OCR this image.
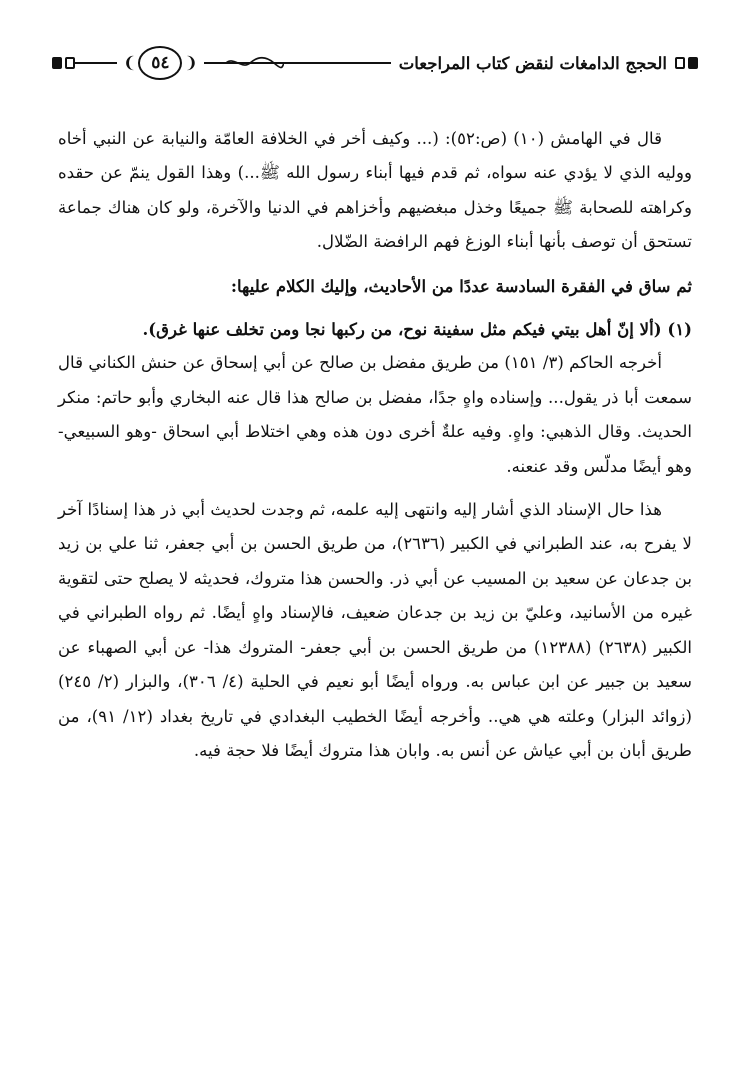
الحجج الدامغات لنقض كتاب المراجعات
❨
٥٤
❩

قال في الهامش (١٠) (ص:٥٢): (... وكيف أخر في الخلافة العامّة والنيابة عن النبي أخاه ووليه الذي لا يؤدي عنه سواه، ثم قدم فيها أبناء رسول الله ﷺ...) وهذا القول ينمّ عن حقده وكراهته للصحابة ﷺ جميعًا وخذل مبغضيهم وأخزاهم في الدنيا والآخرة، ولو كان هناك جماعة تستحق أن توصف بأنها أبناء الوزغ فهم الرافضة الضّلال.

ثم ساق في الفقرة السادسة عددًا من الأحاديث، وإليك الكلام عليها:

(١) (ألا إنّ أهل بيتي فيكم مثل سفينة نوح، من ركبها نجا ومن تخلف عنها غرق).

أخرجه الحاكم (٣/ ١٥١) من طريق مفضل بن صالح عن أبي إسحاق عن حنش الكناني قال سمعت أبا ذر يقول... وإسناده واهٍ جدًا، مفضل بن صالح هذا قال عنه البخاري وأبو حاتم: منكر الحديث. وقال الذهبي: واهٍ. وفيه علةٌ أخرى دون هذه وهي اختلاط أبي اسحاق -وهو السبيعي- وهو أيضًا مدلّس وقد عنعنه.

هذا حال الإسناد الذي أشار إليه وانتهى إليه علمه، ثم وجدت لحديث أبي ذر هذا إسنادًا آخر لا يفرح به، عند الطبراني في الكبير (٢٦٣٦)، من طريق الحسن بن أبي جعفر، ثنا علي بن زيد بن جدعان عن سعيد بن المسيب عن أبي ذر. والحسن هذا متروك، فحديثه لا يصلح حتى لتقوية غيره من الأسانيد، وعليّ بن زيد بن جدعان ضعيف، فالإسناد واهٍ أيضًا. ثم رواه الطبراني في الكبير (٢٦٣٨) (١٢٣٨٨) من طريق الحسن بن أبي جعفر- المتروك هذا- عن أبي الصهباء عن سعيد بن جبير عن ابن عباس به. ورواه أيضًا أبو نعيم في الحلية (٤/ ٣٠٦)، والبزار (٢/ ٢٤٥) (زوائد البزار) وعلته هي هي.. وأخرجه أيضًا الخطيب البغدادي في تاريخ بغداد (١٢/ ٩١)، من طريق أبان بن أبي عياش عن أنس به. وابان هذا متروك أيضًا فلا حجة فيه.
